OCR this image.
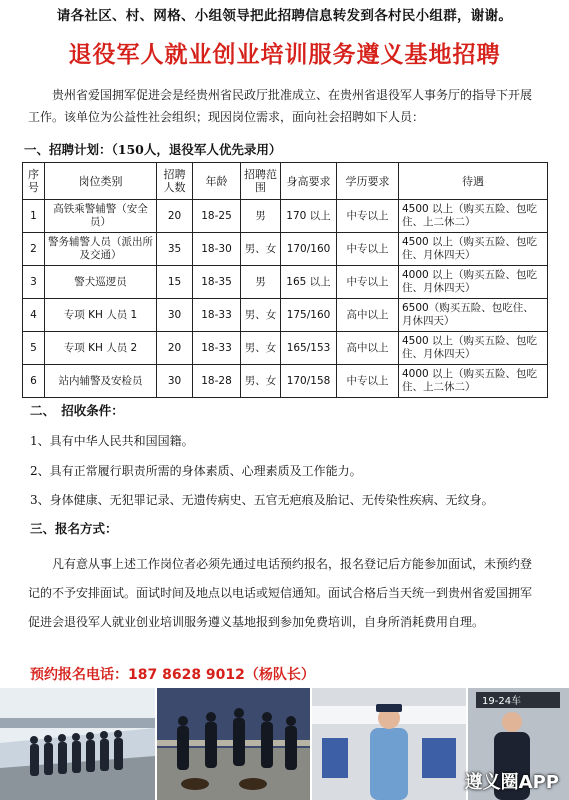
请各社区、村、网格、小组领导把此招聘信息转发到各村民小组群，谢谢。
退役军人就业创业培训服务遵义基地招聘

贵州省爱国拥军促进会是经贵州省民政厅批准成立、在贵州省退役军人事务厅的指导下开展工作。该单位为公益性社会组织；现因岗位需求，面向社会招聘如下人员：

一、招聘计划：（150人，退役军人优先录用）
序号	岗位类别	招聘人数	年龄	招聘范围	身高要求	学历要求	待遇
1	高铁乘警辅警（安全员）	20	18-25	男	170 以上	中专以上	4500 以上（购买五险、包吃住、上二休二）
2	警务辅警人员（派出所及交通）	35	18-30	男、女	170/160	中专以上	4500 以上（购买五险、包吃住、月休四天）
3	警犬巡逻员	15	18-35	男	165 以上	中专以上	4000 以上（购买五险、包吃住、月休四天）
4	专项 KH 人员 1	30	18-33	男、女	175/160	高中以上	6500（购买五险、包吃住、月休四天）
5	专项 KH 人员 2	20	18-33	男、女	165/153	高中以上	4500 以上（购买五险、包吃住、月休四天）
6	站内辅警及安检员	30	18-28	男、女	170/158	中专以上	4000 以上（购买五险、包吃住、上二休二）
二、　招收条件：

1、具有中华人民共和国国籍。

2、具有正常履行职责所需的身体素质、心理素质及工作能力。

3、身体健康、无犯罪记录、无遗传病史、五官无疤痕及胎记、无传染性疾病、无纹身。

三、报名方式：

凡有意从事上述工作岗位者必须先通过电话预约报名，报名登记后方能参加面试，未预约登记的不予安排面试。面试时间及地点以电话或短信通知。面试合格后当天统一到贵州省爱国拥军促进会退役军人就业创业培训服务遵义基地报到参加免费培训，自身所消耗费用自理。

预约报名电话：187 8628 9012（杨队长）
19-24车
遵义圈APP
